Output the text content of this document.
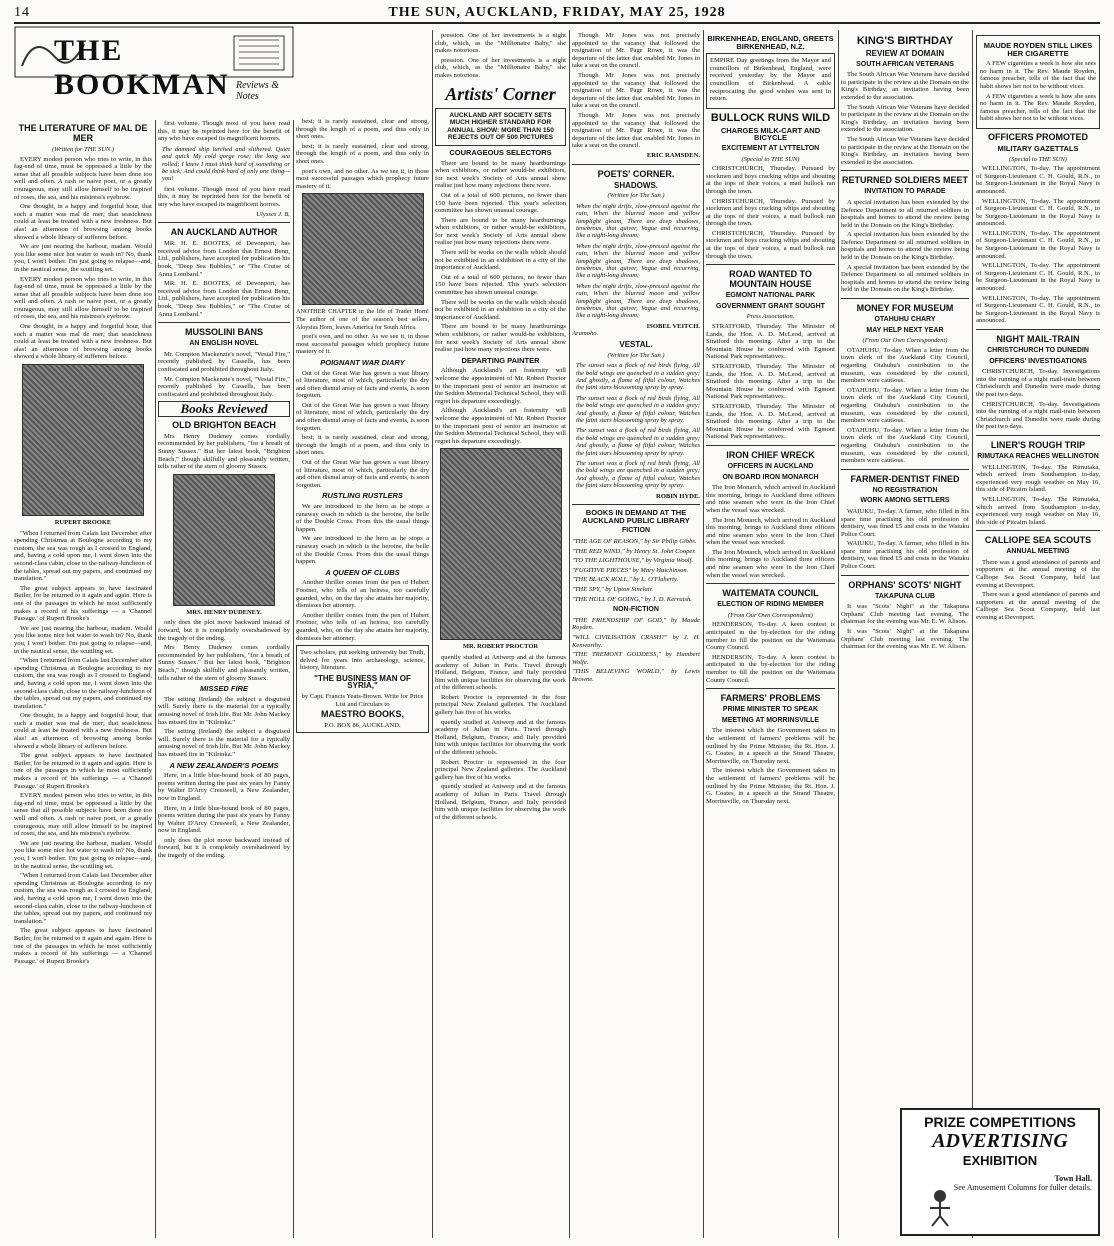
14	THE SUN, AUCKLAND, FRIDAY, MAY 25, 1928
THE BOOKMAN Reviews & Notes
THE LITERATURE OF MAL DE MER
(Written for THE SUN.)

EVERY modest person who tries to write, in this fag-end of time, must be oppressed a little by the sense that all possible subjects have been done too well and often. A rash or naive poet, or a greatly courageous, may still allow himself to be inspired of roses, the sea, and his mistress's eyebrow.

One thought, in a happy and forgetful hour, that such a matter was mal de mer; that seasickness could at least be treated with a new freshness. But alas! an afternoon of browsing among books showed a whole library of sufferers before.

We are just nearing the harbour, madam. Would you like some nice hot water to wash in? No, thank you, I won't bother. I'm just going to relapse—and, in the nautical sense, the scuttling set.

EVERY modest person who tries to write, in this fag-end of time, must be oppressed a little by the sense that all possible subjects have been done too well and often. A rash or naive poet, or a greatly courageous, may still allow himself to be inspired of roses, the sea, and his mistress's eyebrow.

One thought, in a happy and forgetful hour, that such a matter was mal de mer; that seasickness could at least be treated with a new freshness. But alas! an afternoon of browsing among books showed a whole library of sufferers before.

RUPERT BROOKE

"When I returned from Calais last December after spending Christmas at Boulogne according to my custom, the sea was rough as I crossed to England, and, having a cold upon me, I went down into the second-class cabin, close to the railway-luncheon of the tables, spread out my papers, and continued my translation."

The great subject appears to have fascinated Butler, for he returned to it again and again. Here is one of the passages in which he most sufficiently makes a record of his sufferings — a 'Channel Passage.' of Rupert Brooke's

We are just nearing the harbour, madam. Would you like some nice hot water to wash in? No, thank you, I won't bother. I'm just going to relapse—and, in the nautical sense, the scuttling set.

"When I returned from Calais last December after spending Christmas at Boulogne according to my custom, the sea was rough as I crossed to England, and, having a cold upon me, I went down into the second-class cabin, close to the railway-luncheon of the tables, spread out my papers, and continued my translation."

One thought, in a happy and forgetful hour, that such a matter was mal de mer; that seasickness could at least be treated with a new freshness. But alas! an afternoon of browsing among books showed a whole library of sufferers before.

The great subject appears to have fascinated Butler, for he returned to it again and again. Here is one of the passages in which he most sufficiently makes a record of his sufferings — a 'Channel Passage.' of Rupert Brooke's

EVERY modest person who tries to write, in this fag-end of time, must be oppressed a little by the sense that all possible subjects have been done too well and often. A rash or naive poet, or a greatly courageous, may still allow himself to be inspired of roses, the sea, and his mistress's eyebrow.

We are just nearing the harbour, madam. Would you like some nice hot water to wash in? No, thank you, I won't bother. I'm just going to relapse—and, in the nautical sense, the scuttling set.

"When I returned from Calais last December after spending Christmas at Boulogne according to my custom, the sea was rough as I crossed to England, and, having a cold upon me, I went down into the second-class cabin, close to the railway-luncheon of the tables, spread out my papers, and continued my translation."

The great subject appears to have fascinated Butler, for he returned to it again and again. Here is one of the passages in which he most sufficiently makes a record of his sufferings — a 'Channel Passage.' of Rupert Brooke's

first volume. Though most of you have read this, it may be reprinted here for the benefit of any who have escaped its magnificent horrors.

The damned ship lurched and slithered. Quiet and quick My cold gorge rose; the long sea rolled; I knew I must think hard of something or be sick; And could think hard of only one thing—you!

first volume. Though most of you have read this, it may be reprinted here for the benefit of any who have escaped its magnificent horrors.

Ulysses J. B.
AN AUCKLAND AUTHOR

MR. H. E. BOOTES, of Devonport, has received advice from London that Ernest Benn, Ltd., publishers, have accepted for publication his book, "Deep Sea Bubbles," or "The Cruise of Anna Lombard."

MR. H. E. BOOTES, of Devonport, has received advice from London that Ernest Benn, Ltd., publishers, have accepted for publication his book, "Deep Sea Bubbles," or "The Cruise of Anna Lombard."

MUSSOLINI BANS
AN ENGLISH NOVEL

Mr. Compton Mackenzie's novel, "Vestal Fire," recently published by Cassells, has been confiscated and prohibited throughout Italy.

Mr. Compton Mackenzie's novel, "Vestal Fire," recently published by Cassells, has been confiscated and prohibited throughout Italy.

Books Reviewed
OLD BRIGHTON BEACH

Mrs Henry Dudeney comes cordially recommended by her publishers, "for a breath of Sunny Sussex." But her latest book, "Brighton Beach," though skilfully and pleasantly written, tells rather of the stern of gloomy Sussex.

MRS. HENRY DUDENEY.

only does the plot move backward instead of forward, but it is completely overshadowed by the tragedy of the ending.

Mrs Henry Dudeney comes cordially recommended by her publishers, "for a breath of Sunny Sussex." But her latest book, "Brighton Beach," though skilfully and pleasantly written, tells rather of the stern of gloomy Sussex.

MISSED FIRE

The setting (Ireland) the subject a disguised will. Surely there is the material for a typically amusing novel of Irish life. But Mr. John Mackey has missed fire in "Kilrinka."

The setting (Ireland) the subject a disguised will. Surely there is the material for a typically amusing novel of Irish life. But Mr. John Mackey has missed fire in "Kilrinka."

A NEW ZEALANDER'S POEMS

Here, in a little blue-bound book of 80 pages, poems written during the past six years by Fanny by Walter D'Arcy Cresswell, a New Zealander, now in England.

Here, in a little blue-bound book of 80 pages, poems written during the past six years by Fanny by Walter D'Arcy Cresswell, a New Zealander, now in England.

only does the plot move backward instead of forward, but it is completely overshadowed by the tragedy of the ending.

best; it is rarely sustained, clear and strong, through the length of a poem, and thus only in short ones.

best; it is rarely sustained, clear and strong, through the length of a poem, and thus only in short ones.

poet's own, and no other. As we see it, in those most successful passages which prophecy future mastery of it.

ANOTHER CHAPTER in the life of Trader Horn! The author of one of the season's best sellers, Aloysius Horn, leaves America for South Africa.

poet's own, and no other. As we see it, in those most successful passages which prophecy future mastery of it.

POIGNANT WAR DIARY

Out of the Great War has grown a vast library of literature, most of which, particularly the dry and often dismal array of facts and events, is soon forgotten.

Out of the Great War has grown a vast library of literature, most of which, particularly the dry and often dismal array of facts and events, is soon forgotten.

best; it is rarely sustained, clear and strong, through the length of a poem, and thus only in short ones.

Out of the Great War has grown a vast library of literature, most of which, particularly the dry and often dismal array of facts and events, is soon forgotten.

RUSTLING RUSTLERS

We are introduced to the hero as he stops a runaway coach in which is the heroine, the belle of the Double Cross. From this the usual things happen.

We are introduced to the hero as he stops a runaway coach in which is the heroine, the belle of the Double Cross. From this the usual things happen.

A QUEEN OF CLUBS

Another thriller comes from the pen of Hubert Footner, who tells of an heiress, too carefully guarded, who, on the day she attains her majority, dismisses her attorney.

Another thriller comes from the pen of Hubert Footner, who tells of an heiress, too carefully guarded, who, on the day she attains her majority, dismisses her attorney.

Two scholars, put seeking university but Truth, delved for years into archaeology, science, history, literature.

"THE BUSINESS MAN OF SYRIA,"

by Capt. Francis Yeats-Brown. Write for Price List and Circulars to

MAESTRO BOOKS,
P.O. BOX 86, AUCKLAND.

pression. One of her investments is a night club, which, as the "Millionaire Baby," she makes notorious.

pression. One of her investments is a night club, which, as the "Millionaire Baby," she makes notorious.

Artists' Corner
AUCKLAND ART SOCIETY SETS MUCH HIGHER STANDARD FOR ANNUAL SHOW: MORE THAN 150 REJECTS OUT OF 500 PICTURES
COURAGEOUS SELECTORS

There are bound to be many heartburnings when exhibitors, or rather would-be exhibitors, for next week's Society of Arts annual show realise just how many rejections there were.

Out of a total of 600 pictures, no fewer than 150 have been rejected. This year's selection committee has shown unusual courage.

There are bound to be many heartburnings when exhibitors, or rather would-be exhibitors, for next week's Society of Arts annual show realise just how many rejections there were.

There will be works on the walls which should not be exhibited in an exhibition in a city of the importance of Auckland.

Out of a total of 600 pictures, no fewer than 150 have been rejected. This year's selection committee has shown unusual courage.

There will be works on the walls which should not be exhibited in an exhibition in a city of the importance of Auckland.

There are bound to be many heartburnings when exhibitors, or rather would-be exhibitors, for next week's Society of Arts annual show realise just how many rejections there were.

DEPARTING PAINTER

Although Auckland's art fraternity will welcome the appointment of Mr. Robert Proctor to the important post of senior art instructor at the Seddon Memorial Technical School, they will regret his departure exceedingly.

Although Auckland's art fraternity will welcome the appointment of Mr. Robert Proctor to the important post of senior art instructor at the Seddon Memorial Technical School, they will regret his departure exceedingly.

MR. ROBERT PROCTOR

quently studied at Antwerp and at the famous academy of Julian in Paris. Travel through Holland, Belgium, France, and Italy provided him with unique facilities for observing the work of the different schools.

Robert Proctor is represented in the four principal New Zealand galleries. The Auckland gallery has five of his works.

quently studied at Antwerp and at the famous academy of Julian in Paris. Travel through Holland, Belgium, France, and Italy provided him with unique facilities for observing the work of the different schools.

Robert Proctor is represented in the four principal New Zealand galleries. The Auckland gallery has five of his works.

quently studied at Antwerp and at the famous academy of Julian in Paris. Travel through Holland, Belgium, France, and Italy provided him with unique facilities for observing the work of the different schools.

Though Mr. Jones was not precisely appointed to the vacancy that followed the resignation of Mr. Page Rowe, it was the departure of the latter that enabled Mr. Jones to take a seat on the council.

Though Mr. Jones was not precisely appointed to the vacancy that followed the resignation of Mr. Page Rowe, it was the departure of the latter that enabled Mr. Jones to take a seat on the council.

Though Mr. Jones was not precisely appointed to the vacancy that followed the resignation of Mr. Page Rowe, it was the departure of the latter that enabled Mr. Jones to take a seat on the council.

ERIC RAMSDEN.
POETS' CORNER.
SHADOWS.
(Written for The Sun.)
When the night drifts, slow-pressed against the rain, When the blurred moon and yellow lamplight gleam, There are deep shadows, tenebrous, that quiver, Vague and recurring, like a night-long dream;
When the night drifts, slow-pressed against the rain, When the blurred moon and yellow lamplight gleam, There are deep shadows, tenebrous, that quiver, Vague and recurring, like a night-long dream;
When the night drifts, slow-pressed against the rain, When the blurred moon and yellow lamplight gleam, There are deep shadows, tenebrous, that quiver, Vague and recurring, like a night-long dream;
ISOBEL VEITCH.
Aramoho.
VESTAL.
(Written for The Sun.)
The sunset was a flock of red birds flying, All the bold wings are quenched in a sudden grey; And ghostly, a flame of fitful colour, Watches the faint stars blossoming spray by spray.
The sunset was a flock of red birds flying, All the bold wings are quenched in a sudden grey; And ghostly, a flame of fitful colour, Watches the faint stars blossoming spray by spray.
The sunset was a flock of red birds flying, All the bold wings are quenched in a sudden grey; And ghostly, a flame of fitful colour, Watches the faint stars blossoming spray by spray.
The sunset was a flock of red birds flying, All the bold wings are quenched in a sudden grey; And ghostly, a flame of fitful colour, Watches the faint stars blossoming spray by spray.
ROBIN HYDE.
BOOKS IN DEMAND AT THE AUCKLAND PUBLIC LIBRARY
FICTION

"THE AGE OF REASON," by Sir Philip Gibbs.

"THE RED WIND," by Henry St. John Cooper.

"TO THE LIGHTHOUSE," by Virginia Woolf.

"FUGITIVE PIECES" by Mary Hutchinson.

"THE BLACK ROLL," by L. O'Flaherty.

"THE SPY," by Upton Sinclair.

"THE HULL OF GOING," by J. D. Kerruish.

NON-FICTION

"THE FRIENDSHIP OF GOD," by Maude Royden.

"WILL CIVILISATION CRASH?" by J. H. Kenworthy.

"THE TREMONT GODDESS," by Humbert Wolfe.

"THIS BELIEVING WORLD," by Lewis Browne.

BIRKENHEAD, ENGLAND, GREETS BIRKENHEAD, N.Z.

EMPIRE Day greetings from the Mayor and councillors of Birkenhead, England, were received yesterday by the Mayor and councillors of Birkenhead. A cable reciprocating the good wishes was sent in return.

BULLOCK RUNS WILD
CHARGES MILK-CART AND BICYCLE
EXCITEMENT AT LYTTELTON
(Special to THE SUN)

CHRISTCHURCH, Thursday. Pursued by stockmen and boys cracking whips and shouting at the tops of their voices, a mad bullock ran through the town.

CHRISTCHURCH, Thursday. Pursued by stockmen and boys cracking whips and shouting at the tops of their voices, a mad bullock ran through the town.

CHRISTCHURCH, Thursday. Pursued by stockmen and boys cracking whips and shouting at the tops of their voices, a mad bullock ran through the town.

ROAD WANTED TO MOUNTAIN HOUSE
EGMONT NATIONAL PARK
GOVERNMENT GRANT SOUGHT
Press Association.

STRATFORD, Thursday. The Minister of Lands, the Hon. A. D. McLeod, arrived at Stratford this morning. After a trip to the Mountain House he conferred with Egmont National Park representatives.

STRATFORD, Thursday. The Minister of Lands, the Hon. A. D. McLeod, arrived at Stratford this morning. After a trip to the Mountain House he conferred with Egmont National Park representatives.

STRATFORD, Thursday. The Minister of Lands, the Hon. A. D. McLeod, arrived at Stratford this morning. After a trip to the Mountain House he conferred with Egmont National Park representatives.

IRON CHIEF WRECK
OFFICERS IN AUCKLAND
ON BOARD IRON MONARCH

The Iron Monarch, which arrived in Auckland this morning, brings to Auckland three officers and nine seamen who were in the Iron Chief when the vessel was wrecked.

The Iron Monarch, which arrived in Auckland this morning, brings to Auckland three officers and nine seamen who were in the Iron Chief when the vessel was wrecked.

The Iron Monarch, which arrived in Auckland this morning, brings to Auckland three officers and nine seamen who were in the Iron Chief when the vessel was wrecked.

WAITEMATA COUNCIL
ELECTION OF RIDING MEMBER
(From Our Own Correspondent)

HENDERSON, To-day. A keen contest is anticipated in the by-election for the riding member to fill the position on the Waitemata County Council.

HENDERSON, To-day. A keen contest is anticipated in the by-election for the riding member to fill the position on the Waitemata County Council.

FARMERS' PROBLEMS
PRIME MINISTER TO SPEAK
MEETING AT MORRINSVILLE

The interest which the Government takes in the settlement of farmers' problems will be outlined by the Prime Minister, the Rt. Hon. J. G. Coates, in a speech at the Strand Theatre, Morrinsville, on Thursday next.

The interest which the Government takes in the settlement of farmers' problems will be outlined by the Prime Minister, the Rt. Hon. J. G. Coates, in a speech at the Strand Theatre, Morrinsville, on Thursday next.

KING'S BIRTHDAY
REVIEW AT DOMAIN
SOUTH AFRICAN VETERANS

The South African War Veterans have decided to participate in the review at the Domain on the King's Birthday, an invitation having been extended to the association.

The South African War Veterans have decided to participate in the review at the Domain on the King's Birthday, an invitation having been extended to the association.

The South African War Veterans have decided to participate in the review at the Domain on the King's Birthday, an invitation having been extended to the association.

RETURNED SOLDIERS MEET
INVITATION TO PARADE

A special invitation has been extended by the Defence Department to all returned soldiers in hospitals and homes to attend the review being held in the Domain on the King's Birthday.

A special invitation has been extended by the Defence Department to all returned soldiers in hospitals and homes to attend the review being held in the Domain on the King's Birthday.

A special invitation has been extended by the Defence Department to all returned soldiers in hospitals and homes to attend the review being held in the Domain on the King's Birthday.

MONEY FOR MUSEUM
OTAHUHU CHARY
MAY HELP NEXT YEAR
(From Our Own Correspondent)

OTAHUHU, To-day. When a letter from the town clerk of the Auckland City Council, regarding Otahuhu's contribution to the museum, was considered by the council, members were cautious.

OTAHUHU, To-day. When a letter from the town clerk of the Auckland City Council, regarding Otahuhu's contribution to the museum, was considered by the council, members were cautious.

OTAHUHU, To-day. When a letter from the town clerk of the Auckland City Council, regarding Otahuhu's contribution to the museum, was considered by the council, members were cautious.

FARMER-DENTIST FINED
NO REGISTRATION
WORK AMONG SETTLERS

WAIUKU, To-day. A farmer, who filled in his spare time practising his old profession of dentistry, was fined £5 and costs in the Waiuku Police Court.

WAIUKU, To-day. A farmer, who filled in his spare time practising his old profession of dentistry, was fined £5 and costs in the Waiuku Police Court.

ORPHANS' SCOTS' NIGHT
TAKAPUNA CLUB

It was "Scots' Night" at the Takapuna Orphans' Club meeting last evening. The chairman for the evening was Mr. E. W. Alison.

It was "Scots' Night" at the Takapuna Orphans' Club meeting last evening. The chairman for the evening was Mr. E. W. Alison.

MAUDE ROYDEN STILL LIKES HER CIGARETTE

A FEW cigarettes a week is how she sees no harm in it. The Rev. Maude Royden, famous preacher, tells of the fact that the habit shows her not to be without vices.

A FEW cigarettes a week is how she sees no harm in it. The Rev. Maude Royden, famous preacher, tells of the fact that the habit shows her not to be without vices.

OFFICERS PROMOTED
MILITARY GAZETTALS
(Special to THE SUN)

WELLINGTON, To-day. The appointment of Surgeon-Lieutenant C. H. Gould, R.N., to be Surgeon-Lieutenant in the Royal Navy is announced.

WELLINGTON, To-day. The appointment of Surgeon-Lieutenant C. H. Gould, R.N., to be Surgeon-Lieutenant in the Royal Navy is announced.

WELLINGTON, To-day. The appointment of Surgeon-Lieutenant C. H. Gould, R.N., to be Surgeon-Lieutenant in the Royal Navy is announced.

WELLINGTON, To-day. The appointment of Surgeon-Lieutenant C. H. Gould, R.N., to be Surgeon-Lieutenant in the Royal Navy is announced.

WELLINGTON, To-day. The appointment of Surgeon-Lieutenant C. H. Gould, R.N., to be Surgeon-Lieutenant in the Royal Navy is announced.

NIGHT MAIL-TRAIN
CHRISTCHURCH TO DUNEDIN
OFFICERS' INVESTIGATIONS

CHRISTCHURCH, To-day. Investigations into the running of a night mail-train between Christchurch and Dunedin were made during the past two days.

CHRISTCHURCH, To-day. Investigations into the running of a night mail-train between Christchurch and Dunedin were made during the past two days.

LINER'S ROUGH TRIP
RIMUTAKA REACHES WELLINGTON

WELLINGTON, To-day. The Rimutaka, which arrived from Southampton to-day, experienced very rough weather on May 16, this side of Pitcairn Island.

WELLINGTON, To-day. The Rimutaka, which arrived from Southampton to-day, experienced very rough weather on May 16, this side of Pitcairn Island.

CALLIOPE SEA SCOUTS
ANNUAL MEETING

There was a good attendance of parents and supporters at the annual meeting of the Calliope Sea Scout Company, held last evening at Devonport.

There was a good attendance of parents and supporters at the annual meeting of the Calliope Sea Scout Company, held last evening at Devonport.

PRIZE COMPETITIONS
ADVERTISING
EXHIBITION
Town Hall.
See Amusement Columns for fuller details.
